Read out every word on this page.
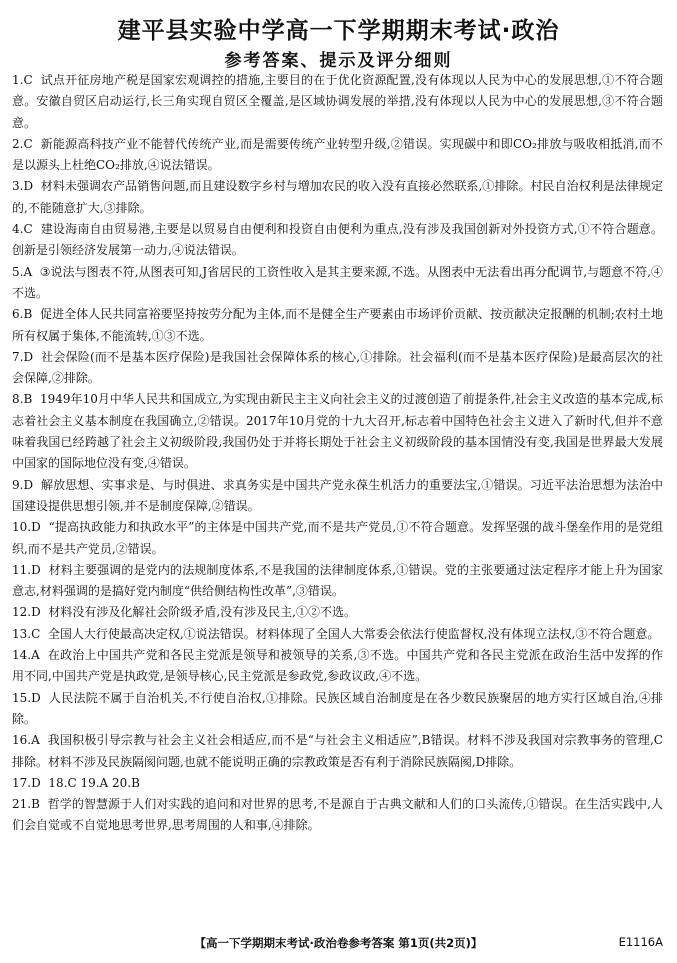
建平县实验中学高一下学期期末考试·政治
参考答案、提示及评分细则

1.C 试点开征房地产税是国家宏观调控的措施,主要目的在于优化资源配置,没有体现以人民为中心的发展思想,①不符合题意。安徽自贸区启动运行,长三角实现自贸区全覆盖,是区域协调发展的举措,没有体现以人民为中心的发展思想,③不符合题意。

2.C 新能源高科技产业不能替代传统产业,而是需要传统产业转型升级,②错误。实现碳中和即CO₂排放与吸收相抵消,而不是以源头上杜绝CO₂排放,④说法错误。

3.D 材料未强调农产品销售问题,而且建设数字乡村与增加农民的收入没有直接必然联系,①排除。村民自治权利是法律规定的,不能随意扩大,③排除。

4.C 建设海南自由贸易港,主要是以贸易自由便利和投资自由便利为重点,没有涉及我国创新对外投资方式,①不符合题意。创新是引领经济发展第一动力,④说法错误。

5.A ③说法与图表不符,从图表可知,J省居民的工资性收入是其主要来源,不选。从图表中无法看出再分配调节,与题意不符,④不选。

6.B 促进全体人民共同富裕要坚持按劳分配为主体,而不是健全生产要素由市场评价贡献、按贡献决定报酬的机制;农村土地所有权属于集体,不能流转,①③不选。

7.D 社会保险(而不是基本医疗保险)是我国社会保障体系的核心,①排除。社会福利(而不是基本医疗保险)是最高层次的社会保障,②排除。

8.B 1949年10月中华人民共和国成立,为实现由新民主主义向社会主义的过渡创造了前提条件,社会主义改造的基本完成,标志着社会主义基本制度在我国确立,②错误。2017年10月党的十九大召开,标志着中国特色社会主义进入了新时代,但并不意味着我国已经跨越了社会主义初级阶段,我国仍处于并将长期处于社会主义初级阶段的基本国情没有变,我国是世界最大发展中国家的国际地位没有变,④错误。

9.D 解放思想、实事求是、与时俱进、求真务实是中国共产党永葆生机活力的重要法宝,①错误。习近平法治思想为法治中国建设提供思想引领,并不是制度保障,②错误。

10.D “提高执政能力和执政水平”的主体是中国共产党,而不是共产党员,①不符合题意。发挥坚强的战斗堡垒作用的是党组织,而不是共产党员,②错误。

11.D 材料主要强调的是党内的法规制度体系,不是我国的法律制度体系,①错误。党的主张要通过法定程序才能上升为国家意志,材料强调的是搞好党内制度“供给侧结构性改革”,③错误。

12.D 材料没有涉及化解社会阶级矛盾,没有涉及民主,①②不选。

13.C 全国人大行使最高决定权,①说法错误。材料体现了全国人大常委会依法行使监督权,没有体现立法权,③不符合题意。

14.A 在政治上中国共产党和各民主党派是领导和被领导的关系,③不选。中国共产党和各民主党派在政治生活中发挥的作用不同,中国共产党是执政党,是领导核心,民主党派是参政党,参政议政,④不选。

15.D 人民法院不属于自治机关,不行使自治权,①排除。民族区域自治制度是在各少数民族聚居的地方实行区域自治,④排除。

16.A 我国积极引导宗教与社会主义社会相适应,而不是“与社会主义相适应”,B错误。材料不涉及我国对宗教事务的管理,C排除。材料不涉及民族隔阂问题,也就不能说明正确的宗教政策是否有利于消除民族隔阂,D排除。

17.D 18.C 19.A 20.B

21.B 哲学的智慧源于人们对实践的追问和对世界的思考,不是源自于古典文献和人们的口头流传,①错误。在生活实践中,人们会自觉或不自觉地思考世界,思考周围的人和事,④排除。

【高一下学期期末考试·政治卷参考答案 第1页(共2页)】	E1116A
